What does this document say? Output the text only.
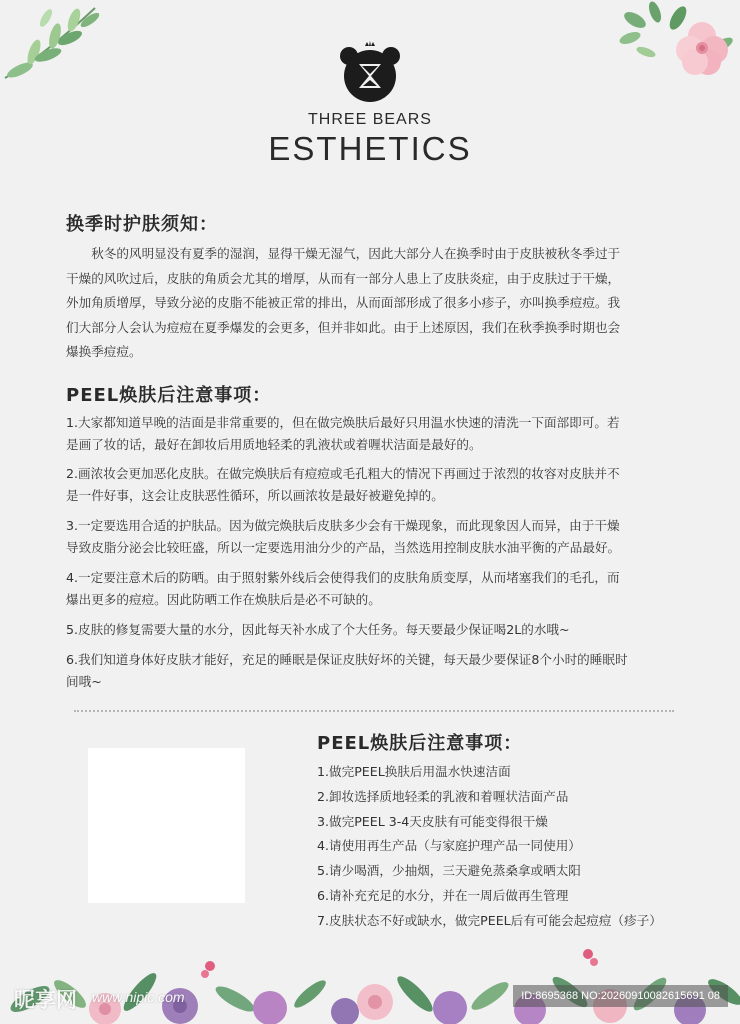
THREE BEARS
ESTHETICS
换季时护肤须知：
　　秋冬的风明显没有夏季的湿润，显得干燥无湿气，因此大部分人在换季时由于皮肤被秋冬季过于
干燥的风吹过后，皮肤的角质会尤其的增厚，从而有一部分人患上了皮肤炎症，由于皮肤过于干燥，
外加角质增厚，导致分泌的皮脂不能被正常的排出，从而面部形成了很多小疹子，亦叫换季痘痘。我
们大部分人会认为痘痘在夏季爆发的会更多，但并非如此。由于上述原因，我们在秋季换季时期也会
爆换季痘痘。
PEEL焕肤后注意事项：
1.大家都知道早晚的洁面是非常重要的，但在做完焕肤后最好只用温水快速的清洗一下面部即可。若
是画了妆的话，最好在卸妆后用质地轻柔的乳液状或着喱状洁面是最好的。
2.画浓妆会更加恶化皮肤。在做完焕肤后有痘痘或毛孔粗大的情况下再画过于浓烈的妆容对皮肤并不
是一件好事，这会让皮肤恶性循环，所以画浓妆是最好被避免掉的。
3.一定要选用合适的护肤品。因为做完焕肤后皮肤多少会有干燥现象，而此现象因人而异，由于干燥
导致皮脂分泌会比较旺盛，所以一定要选用油分少的产品，当然选用控制皮肤水油平衡的产品最好。
4.一定要注意术后的防晒。由于照射紫外线后会使得我们的皮肤角质变厚，从而堵塞我们的毛孔，而
爆出更多的痘痘。因此防晒工作在焕肤后是必不可缺的。
5.皮肤的修复需要大量的水分，因此每天补水成了个大任务。每天要最少保证喝2L的水哦~
6.我们知道身体好皮肤才能好，充足的睡眠是保证皮肤好坏的关键，每天最少要保证8个小时的睡眠时
间哦~
PEEL焕肤后注意事项：
1.做完PEEL换肤后用温水快速洁面
2.卸妆选择质地轻柔的乳液和着喱状洁面产品
3.做完PEEL 3-4天皮肤有可能变得很干燥
4.请使用再生产品（与家庭护理产品一同使用）
5.请少喝酒，少抽烟，三天避免蒸桑拿或晒太阳
6.请补充充足的水分，并在一周后做再生管理
7.皮肤状态不好或缺水，做完PEEL后有可能会起痘痘（疹子）
昵享网 www.nipic.com	ID:8695368 NO:20260910082615691 08
